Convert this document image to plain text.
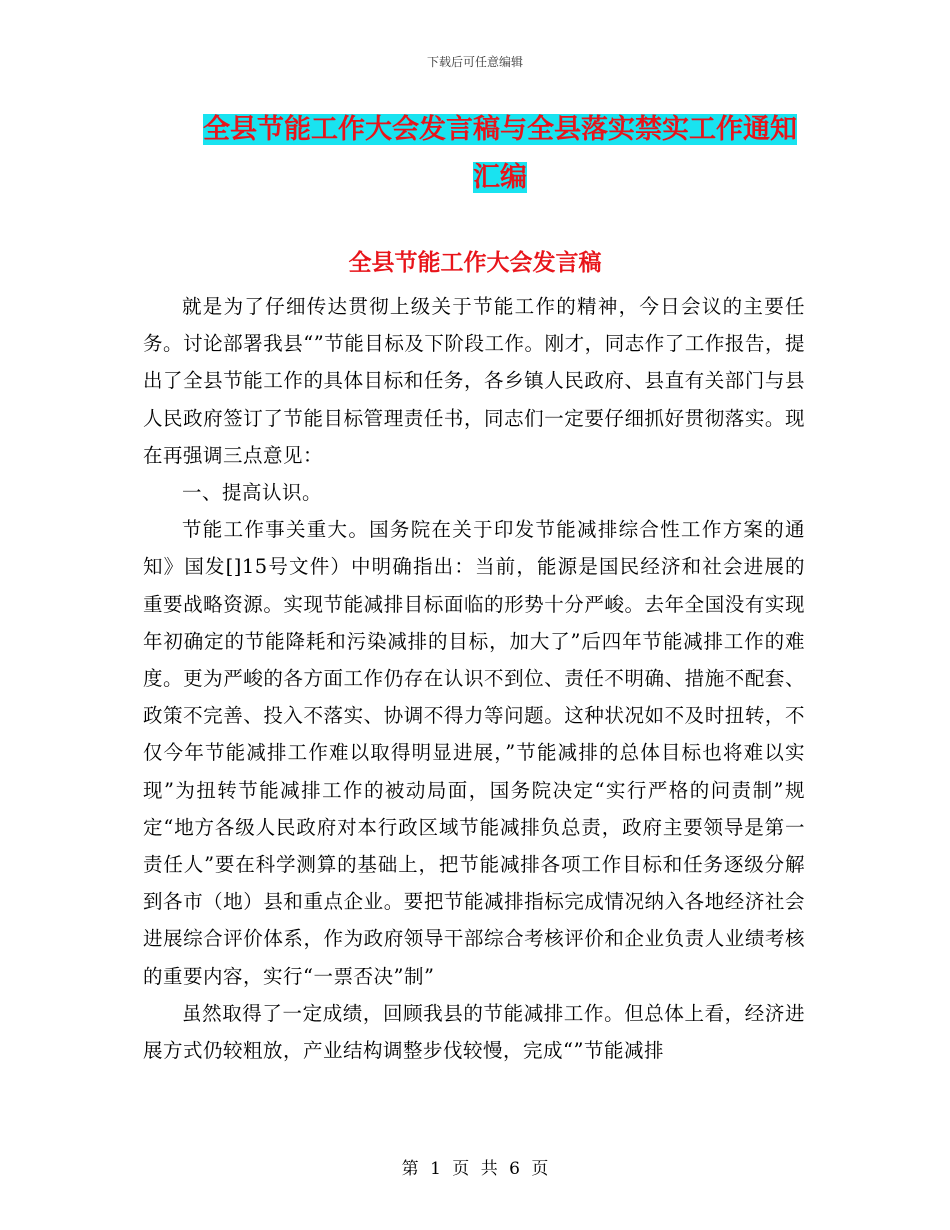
下载后可任意编辑
全县节能工作大会发言稿与全县落实禁实工作通知汇编
全县节能工作大会发言稿

就是为了仔细传达贯彻上级关于节能工作的精神，今日会议的主要任务。讨论部署我县“”节能目标及下阶段工作。刚才，同志作了工作报告，提出了全县节能工作的具体目标和任务，各乡镇人民政府、县直有关部门与县人民政府签订了节能目标管理责任书，同志们一定要仔细抓好贯彻落实。现在再强调三点意见：

一、提高认识。

节能工作事关重大。国务院在关于印发节能减排综合性工作方案的通知》国发[]15号文件）中明确指出：当前，能源是国民经济和社会进展的重要战略资源。实现节能减排目标面临的形势十分严峻。去年全国没有实现年初确定的节能降耗和污染减排的目标，加大了”后四年节能减排工作的难度。更为严峻的各方面工作仍存在认识不到位、责任不明确、措施不配套、政策不完善、投入不落实、协调不得力等问题。这种状况如不及时扭转，不仅今年节能减排工作难以取得明显进展，”节能减排的总体目标也将难以实现”为扭转节能减排工作的被动局面，国务院决定“实行严格的问责制”规定“地方各级人民政府对本行政区域节能减排负总责，政府主要领导是第一责任人”要在科学测算的基础上，把节能减排各项工作目标和任务逐级分解到各市（地）县和重点企业。要把节能减排指标完成情况纳入各地经济社会进展综合评价体系，作为政府领导干部综合考核评价和企业负责人业绩考核的重要内容，实行“一票否决”制”

虽然取得了一定成绩，回顾我县的节能减排工作。但总体上看，经济进展方式仍较粗放，产业结构调整步伐较慢，完成“”节能减排

第 1 页 共 6 页
